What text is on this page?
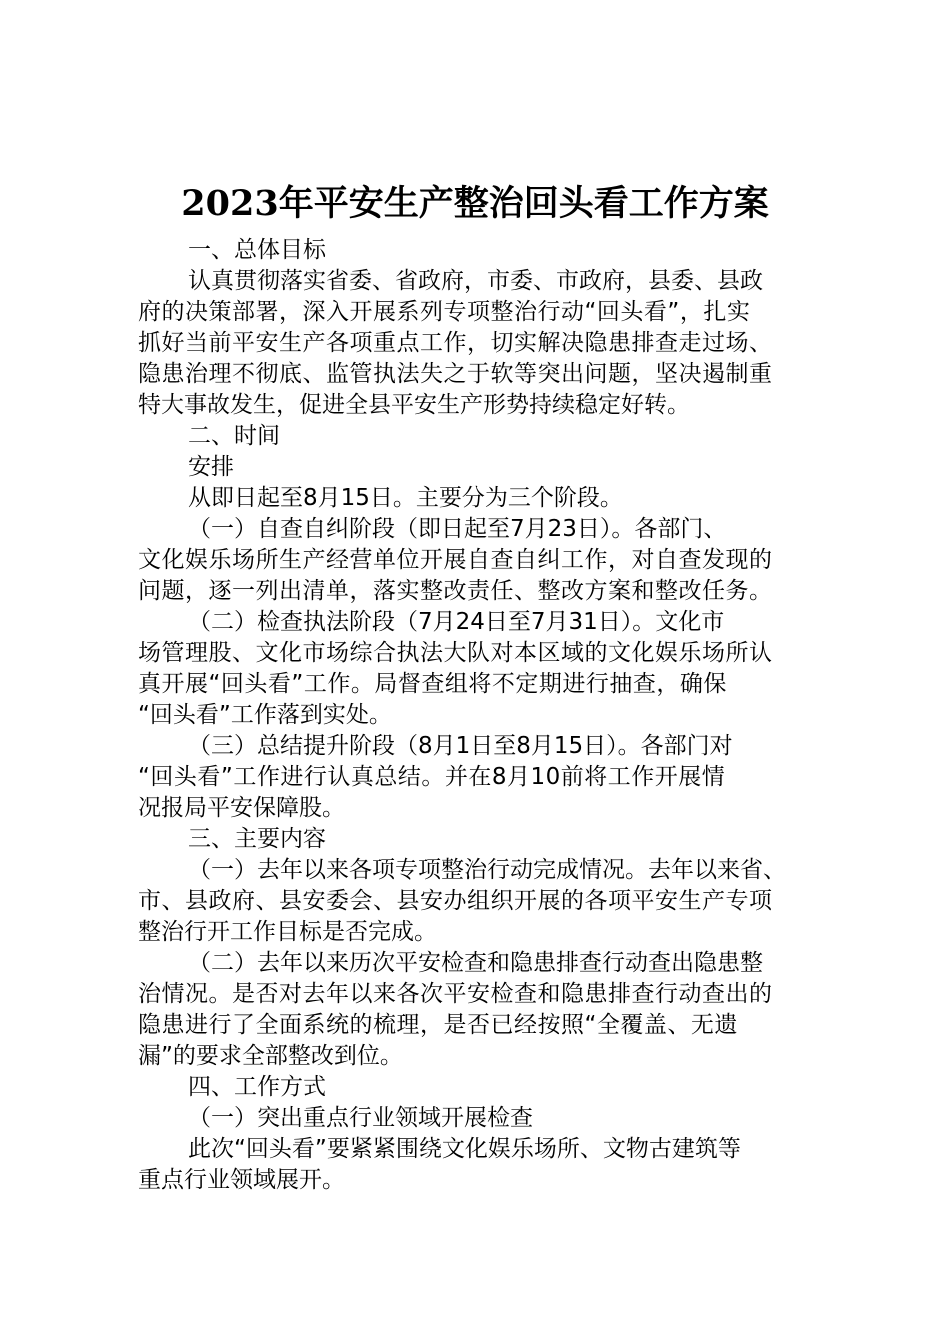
2023年平安生产整治回头看工作方案
一、总体目标
认真贯彻落实省委、省政府，市委、市政府，县委、县政
府的决策部署，深入开展系列专项整治行动“回头看”，扎实
抓好当前平安生产各项重点工作，切实解决隐患排查走过场、
隐患治理不彻底、监管执法失之于软等突出问题，坚决遏制重
特大事故发生，促进全县平安生产形势持续稳定好转。
二、时间
安排
从即日起至8月15日。主要分为三个阶段。
（一）自查自纠阶段（即日起至7月23日）。各部门、
文化娱乐场所生产经营单位开展自查自纠工作，对自查发现的
问题，逐一列出清单，落实整改责任、整改方案和整改任务。
（二）检查执法阶段（7月24日至7月31日）。文化市
场管理股、文化市场综合执法大队对本区域的文化娱乐场所认
真开展“回头看”工作。局督查组将不定期进行抽查，确保
“回头看”工作落到实处。
（三）总结提升阶段（8月1日至8月15日）。各部门对
“回头看”工作进行认真总结。并在8月10前将工作开展情
况报局平安保障股。
三、主要内容
（一）去年以来各项专项整治行动完成情况。去年以来省、
市、县政府、县安委会、县安办组织开展的各项平安生产专项
整治行开工作目标是否完成。
（二）去年以来历次平安检查和隐患排查行动查出隐患整
治情况。是否对去年以来各次平安检查和隐患排查行动查出的
隐患进行了全面系统的梳理，是否已经按照“全覆盖、无遗
漏”的要求全部整改到位。
四、工作方式
（一）突出重点行业领域开展检查
此次“回头看”要紧紧围绕文化娱乐场所、文物古建筑等
重点行业领域展开。
